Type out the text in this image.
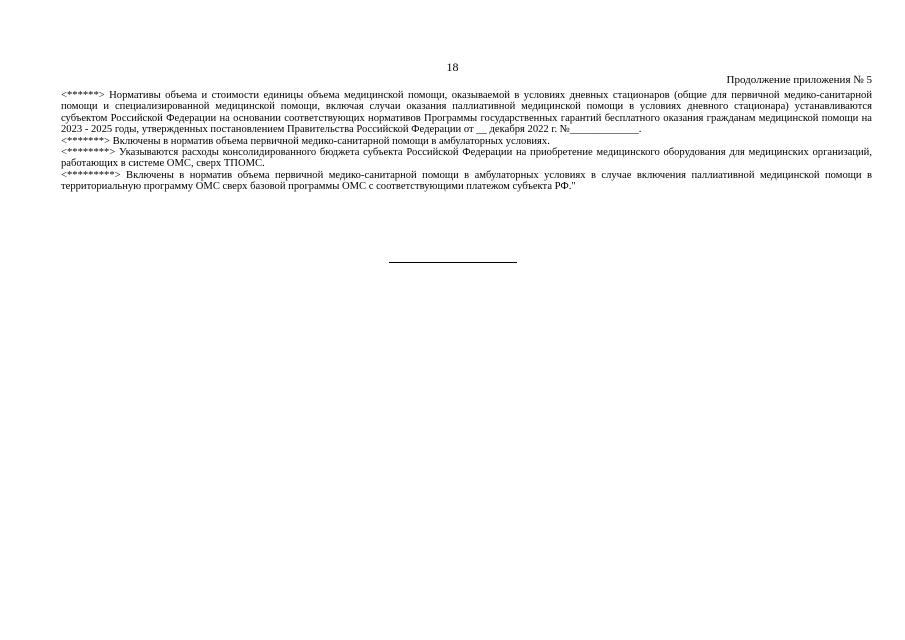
18
Продолжение приложения № 5

<******> Нормативы объема и стоимости единицы объема медицинской помощи, оказываемой в условиях дневных стационаров (общие для первичной медико-санитарной помощи и специализированной медицинской помощи, включая случаи оказания паллиативной медицинской помощи в условиях дневного стационара) устанавливаются субъектом Российской Федерации на основании соответствующих нормативов Программы государственных гарантий бесплатного оказания гражданам медицинской помощи на 2023 - 2025 годы, утвержденных постановлением Правительства Российской Федерации от __ декабря 2022 г. №_____________.

<*******> Включены в норматив объема первичной медико-санитарной помощи в амбулаторных условиях.

<********> Указываются расходы консолидированного бюджета субъекта Российской Федерации на приобретение медицинского оборудования для медицинских организаций, работающих в системе ОМС, сверх ТПОМС.

<*********> Включены в норматив объема первичной медико-санитарной помощи в амбулаторных условиях в случае включения паллиативной медицинской помощи в территориальную программу ОМС сверх базовой программы ОМС с соответствующими платежом субъекта РФ."
